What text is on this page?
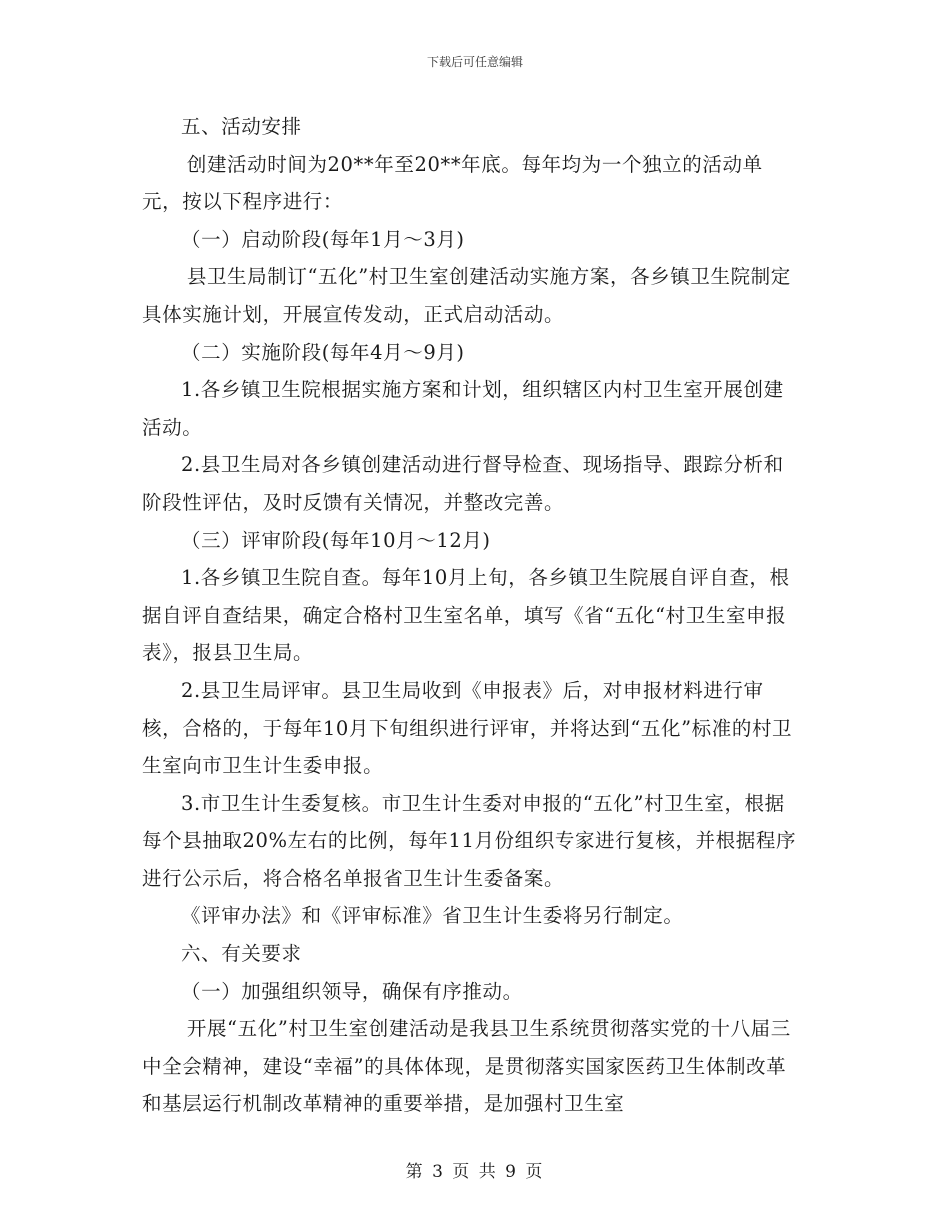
下载后可任意编辑

五、活动安排

创建活动时间为20**年至20**年底。每年均为一个独立的活动单元，按以下程序进行：

（一）启动阶段(每年1月～3月)

县卫生局制订“五化”村卫生室创建活动实施方案，各乡镇卫生院制定具体实施计划，开展宣传发动，正式启动活动。

（二）实施阶段(每年4月～9月)

1.各乡镇卫生院根据实施方案和计划，组织辖区内村卫生室开展创建活动。

2.县卫生局对各乡镇创建活动进行督导检查、现场指导、跟踪分析和阶段性评估，及时反馈有关情况，并整改完善。

（三）评审阶段(每年10月～12月)

1.各乡镇卫生院自查。每年10月上旬，各乡镇卫生院展自评自查，根据自评自查结果，确定合格村卫生室名单，填写《省“五化“村卫生室申报表》，报县卫生局。

2.县卫生局评审。县卫生局收到《申报表》后，对申报材料进行审核，合格的，于每年10月下旬组织进行评审，并将达到“五化”标准的村卫生室向市卫生计生委申报。

3.市卫生计生委复核。市卫生计生委对申报的“五化”村卫生室，根据每个县抽取20%左右的比例，每年11月份组织专家进行复核，并根据程序进行公示后，将合格名单报省卫生计生委备案。

《评审办法》和《评审标准》省卫生计生委将另行制定。

六、有关要求

（一）加强组织领导，确保有序推动。

开展“五化”村卫生室创建活动是我县卫生系统贯彻落实党的十八届三中全会精神，建设“幸福”的具体体现，是贯彻落实国家医药卫生体制改革和基层运行机制改革精神的重要举措，是加强村卫生室

第 3 页 共 9 页
